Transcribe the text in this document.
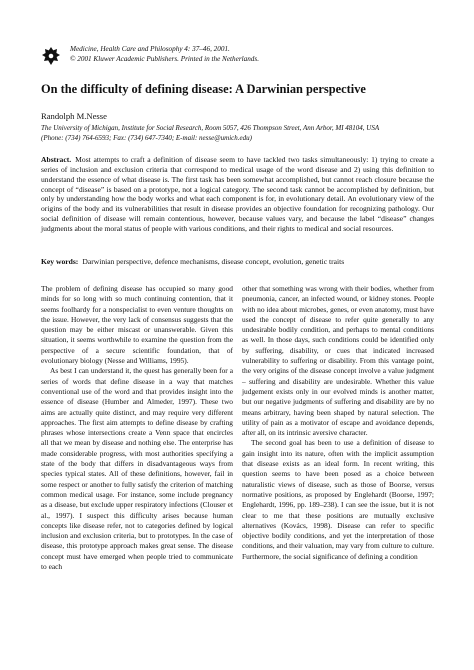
Medicine, Health Care and Philosophy 4: 37–46, 2001.
© 2001 Kluwer Academic Publishers. Printed in the Netherlands.
On the difficulty of defining disease: A Darwinian perspective
Randolph M.Nesse
The University of Michigan, Institute for Social Research, Room 5057, 426 Thompson Street, Ann Arbor, MI 48104, USA
(Phone: (734) 764-6593; Fax: (734) 647-7340; E-mail: nesse@umich.edu)

Abstract. Most attempts to craft a definition of disease seem to have tackled two tasks simultaneously: 1) trying to create a series of inclusion and exclusion criteria that correspond to medical usage of the word disease and 2) using this definition to understand the essence of what disease is. The first task has been somewhat accomplished, but cannot reach closure because the concept of “disease” is based on a prototype, not a logical category. The second task cannot be accomplished by definition, but only by understanding how the body works and what each component is for, in evolutionary detail. An evolutionary view of the origins of the body and its vulnerabilities that result in disease provides an objective foundation for recognizing pathology. Our social definition of disease will remain contentious, however, because values vary, and because the label “disease” changes judgments about the moral status of people with various conditions, and their rights to medical and social resources.

Key words: Darwinian perspective, defence mechanisms, disease concept, evolution, genetic traits

The problem of defining disease has occupied so many good minds for so long with so much continuing contention, that it seems foolhardy for a nonspecialist to even venture thoughts on the issue. However, the very lack of consensus suggests that the question may be either miscast or unanswerable. Given this situation, it seems worthwhile to examine the question from the perspective of a secure scientific foundation, that of evolutionary biology (Nesse and Williams, 1995).

As best I can understand it, the quest has generally been for a series of words that define disease in a way that matches conventional use of the word and that provides insight into the essence of disease (Humber and Almeder, 1997). These two aims are actually quite distinct, and may require very different approaches. The first aim attempts to define disease by crafting phrases whose intersections create a Venn space that encircles all that we mean by disease and nothing else. The enterprise has made considerable progress, with most authorities specifying a state of the body that differs in disadvantageous ways from species typical states. All of these definitions, however, fail in some respect or another to fully satisfy the criterion of matching common medical usage. For instance, some include pregnancy as a disease, but exclude upper respiratory infections (Clouser et al., 1997). I suspect this difficulty arises because human concepts like disease refer, not to categories defined by logical inclusion and exclusion criteria, but to prototypes. In the case of disease, this prototype approach makes great sense. The disease concept must have emerged when people tried to communicate to each

other that something was wrong with their bodies, whether from pneumonia, cancer, an infected wound, or kidney stones. People with no idea about microbes, genes, or even anatomy, must have used the concept of disease to refer quite generally to any undesirable bodily condition, and perhaps to mental conditions as well. In those days, such conditions could be identified only by suffering, disability, or cues that indicated increased vulnerability to suffering or disability. From this vantage point, the very origins of the disease concept involve a value judgment – suffering and disability are undesirable. Whether this value judgement exists only in our evolved minds is another matter, but our negative judgments of suffering and disability are by no means arbitrary, having been shaped by natural selection. The utility of pain as a motivator of escape and avoidance depends, after all, on its intrinsic aversive character.

The second goal has been to use a definition of disease to gain insight into its nature, often with the implicit assumption that disease exists as an ideal form. In recent writing, this question seems to have been posed as a choice between naturalistic views of disease, such as those of Boorse, versus normative positions, as proposed by Englehardt (Boorse, 1997; Englehardt, 1996, pp. 189–238). I can see the issue, but it is not clear to me that these positions are mutually exclusive alternatives (Kovács, 1998). Disease can refer to specific objective bodily conditions, and yet the interpretation of those conditions, and their valuation, may vary from culture to culture. Furthermore, the social significance of defining a condition
